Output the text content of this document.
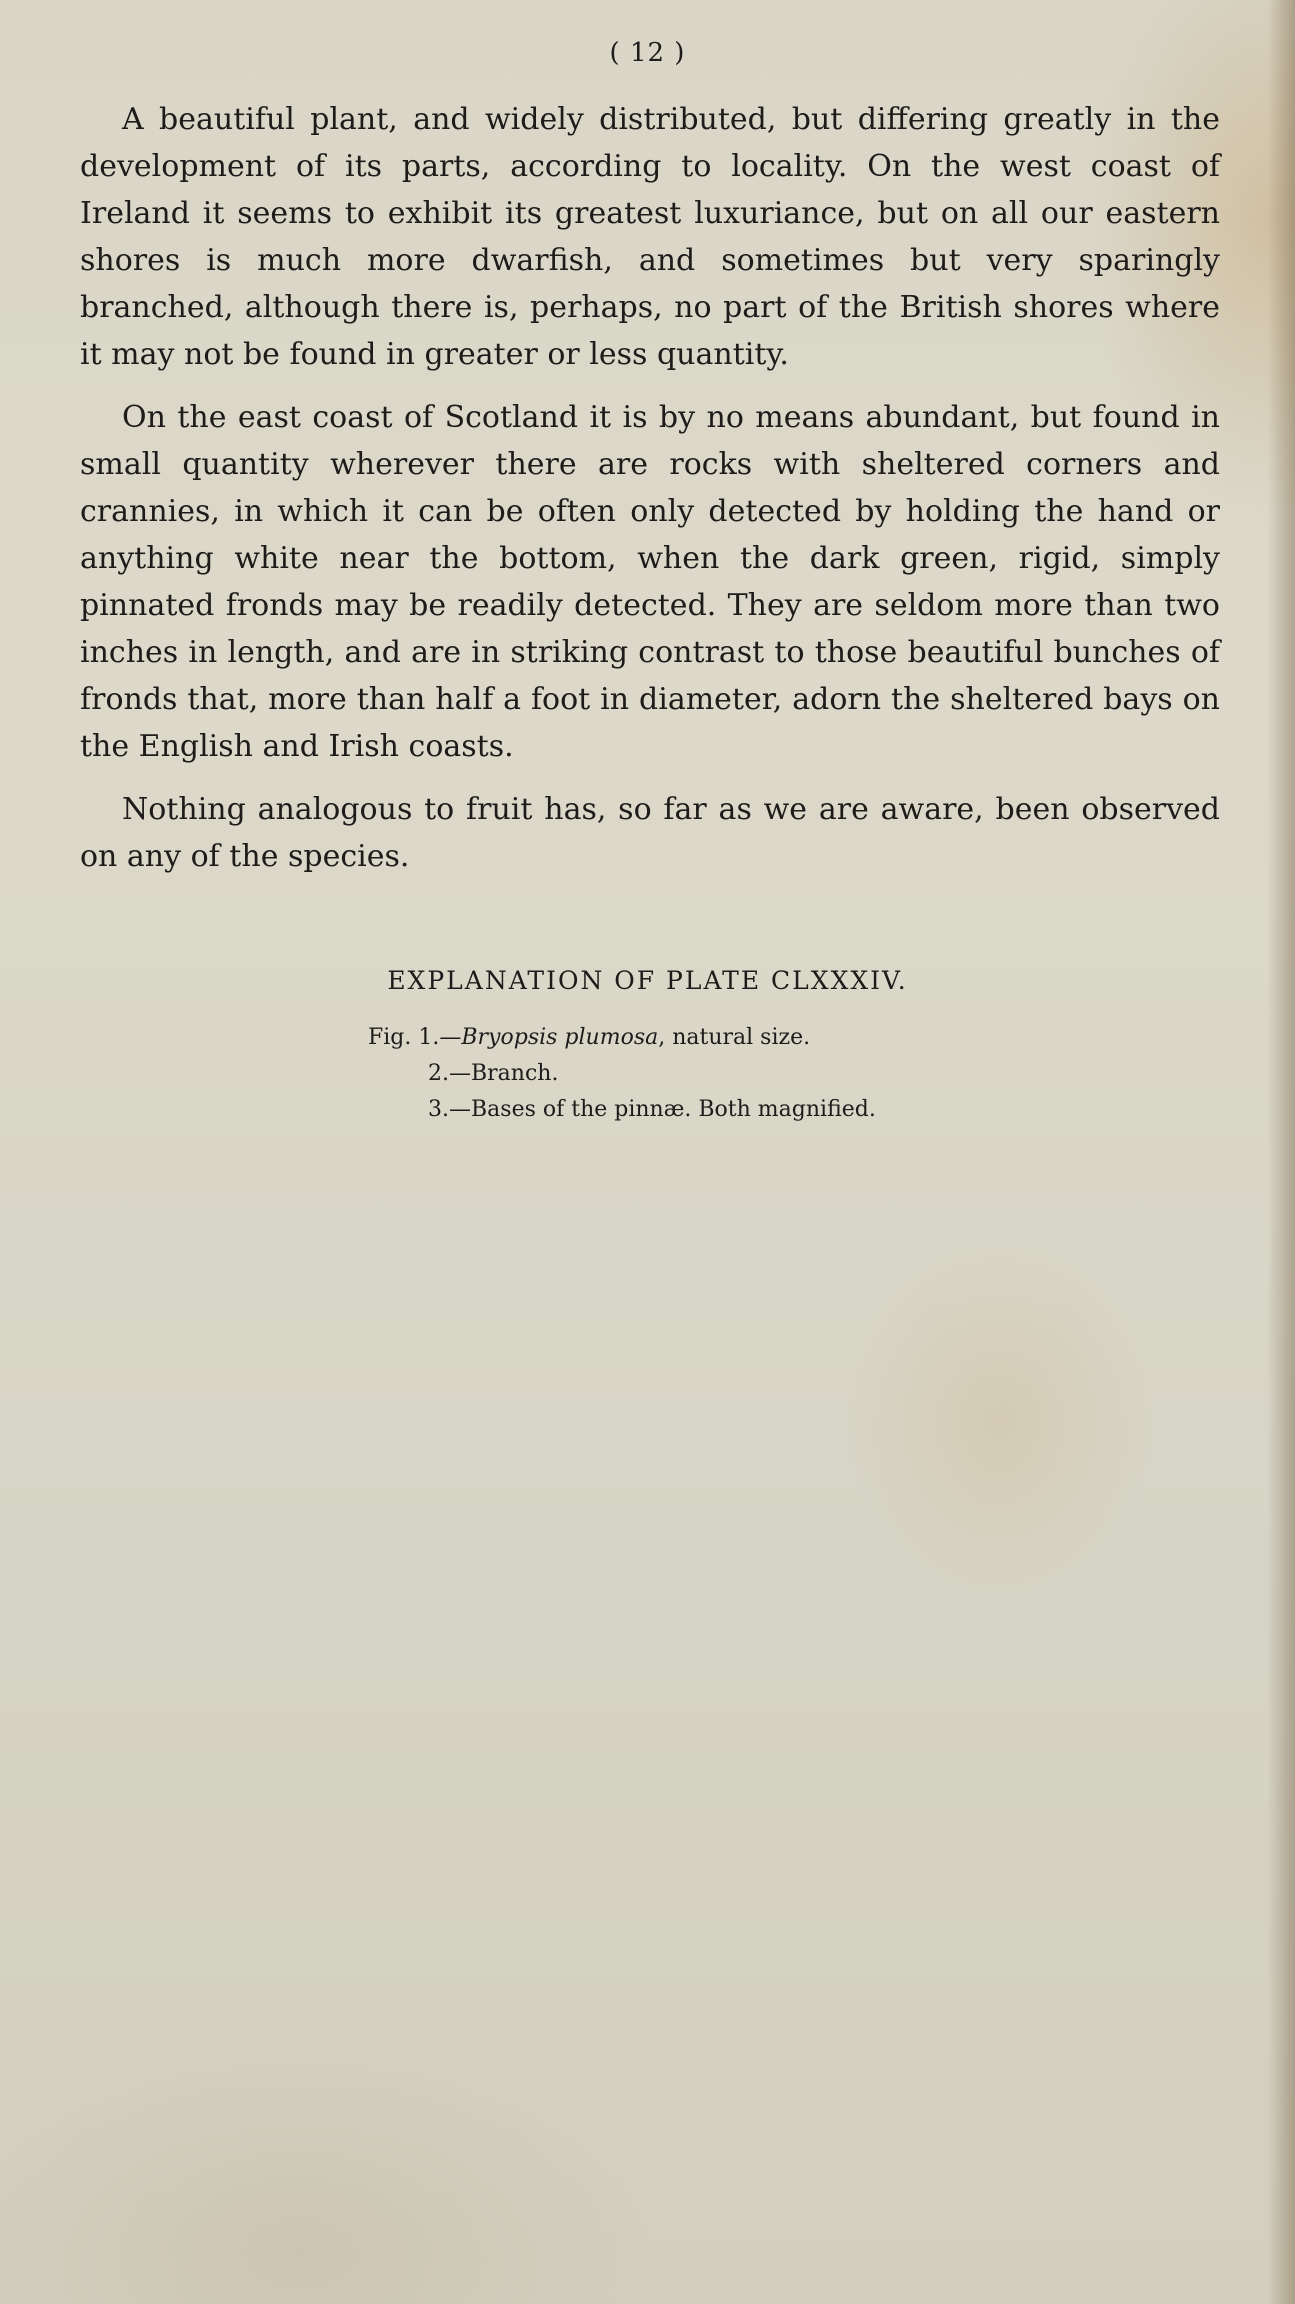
( 12 )

A beautiful plant, and widely distributed, but differing greatly in the development of its parts, according to locality. On the west coast of Ireland it seems to exhibit its greatest luxuriance, but on all our eastern shores is much more dwarfish, and sometimes but very sparingly branched, although there is, perhaps, no part of the British shores where it may not be found in greater or less quantity.

On the east coast of Scotland it is by no means abundant, but found in small quantity wherever there are rocks with sheltered corners and crannies, in which it can be often only detected by holding the hand or anything white near the bottom, when the dark green, rigid, simply pinnated fronds may be readily detected. They are seldom more than two inches in length, and are in striking contrast to those beautiful bunches of fronds that, more than half a foot in diameter, adorn the sheltered bays on the English and Irish coasts.

Nothing analogous to fruit has, so far as we are aware, been observed on any of the species.

EXPLANATION OF PLATE CLXXXIV.
Fig. 1.—Bryopsis plumosa, natural size.
2.—Branch.
3.—Bases of the pinnæ. Both magnified.
